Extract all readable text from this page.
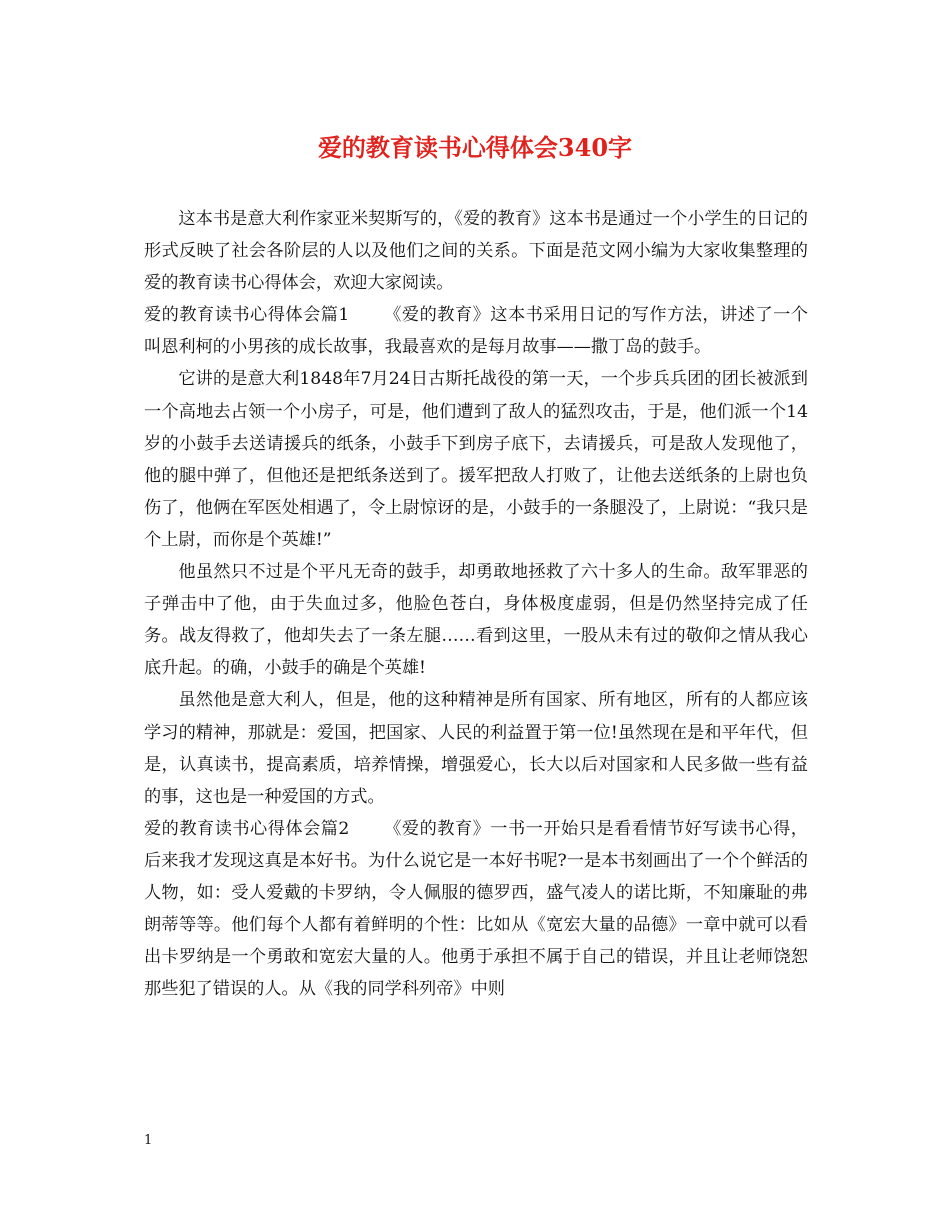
爱的教育读书心得体会340字

这本书是意大利作家亚米契斯写的，《爱的教育》这本书是通过一个小学生的日记的形式反映了社会各阶层的人以及他们之间的关系。下面是范文网小编为大家收集整理的爱的教育读书心得体会，欢迎大家阅读。

爱的教育读书心得体会篇1 《爱的教育》这本书采用日记的写作方法，讲述了一个叫恩利柯的小男孩的成长故事，我最喜欢的是每月故事——撒丁岛的鼓手。

它讲的是意大利1848年7月24日古斯托战役的第一天，一个步兵兵团的团长被派到一个高地去占领一个小房子，可是，他们遭到了敌人的猛烈攻击，于是，他们派一个14岁的小鼓手去送请援兵的纸条，小鼓手下到房子底下，去请援兵，可是敌人发现他了，他的腿中弹了，但他还是把纸条送到了。援军把敌人打败了，让他去送纸条的上尉也负伤了，他俩在军医处相遇了，令上尉惊讶的是，小鼓手的一条腿没了，上尉说：“我只是个上尉，而你是个英雄!”

他虽然只不过是个平凡无奇的鼓手，却勇敢地拯救了六十多人的生命。敌军罪恶的子弹击中了他，由于失血过多，他脸色苍白，身体极度虚弱，但是仍然坚持完成了任务。战友得救了，他却失去了一条左腿……看到这里，一股从未有过的敬仰之情从我心底升起。的确，小鼓手的确是个英雄!

虽然他是意大利人，但是，他的这种精神是所有国家、所有地区，所有的人都应该学习的精神，那就是：爱国，把国家、人民的利益置于第一位!虽然现在是和平年代，但是，认真读书，提高素质，培养情操，增强爱心，长大以后对国家和人民多做一些有益的事，这也是一种爱国的方式。

爱的教育读书心得体会篇2 《爱的教育》一书一开始只是看看情节好写读书心得，后来我才发现这真是本好书。为什么说它是一本好书呢?一是本书刻画出了一个个鲜活的人物，如：受人爱戴的卡罗纳，令人佩服的德罗西，盛气凌人的诺比斯，不知廉耻的弗朗蒂等等。他们每个人都有着鲜明的个性：比如从《宽宏大量的品德》一章中就可以看出卡罗纳是一个勇敢和宽宏大量的人。他勇于承担不属于自己的错误，并且让老师饶恕那些犯了错误的人。从《我的同学科列帝》中则

1
